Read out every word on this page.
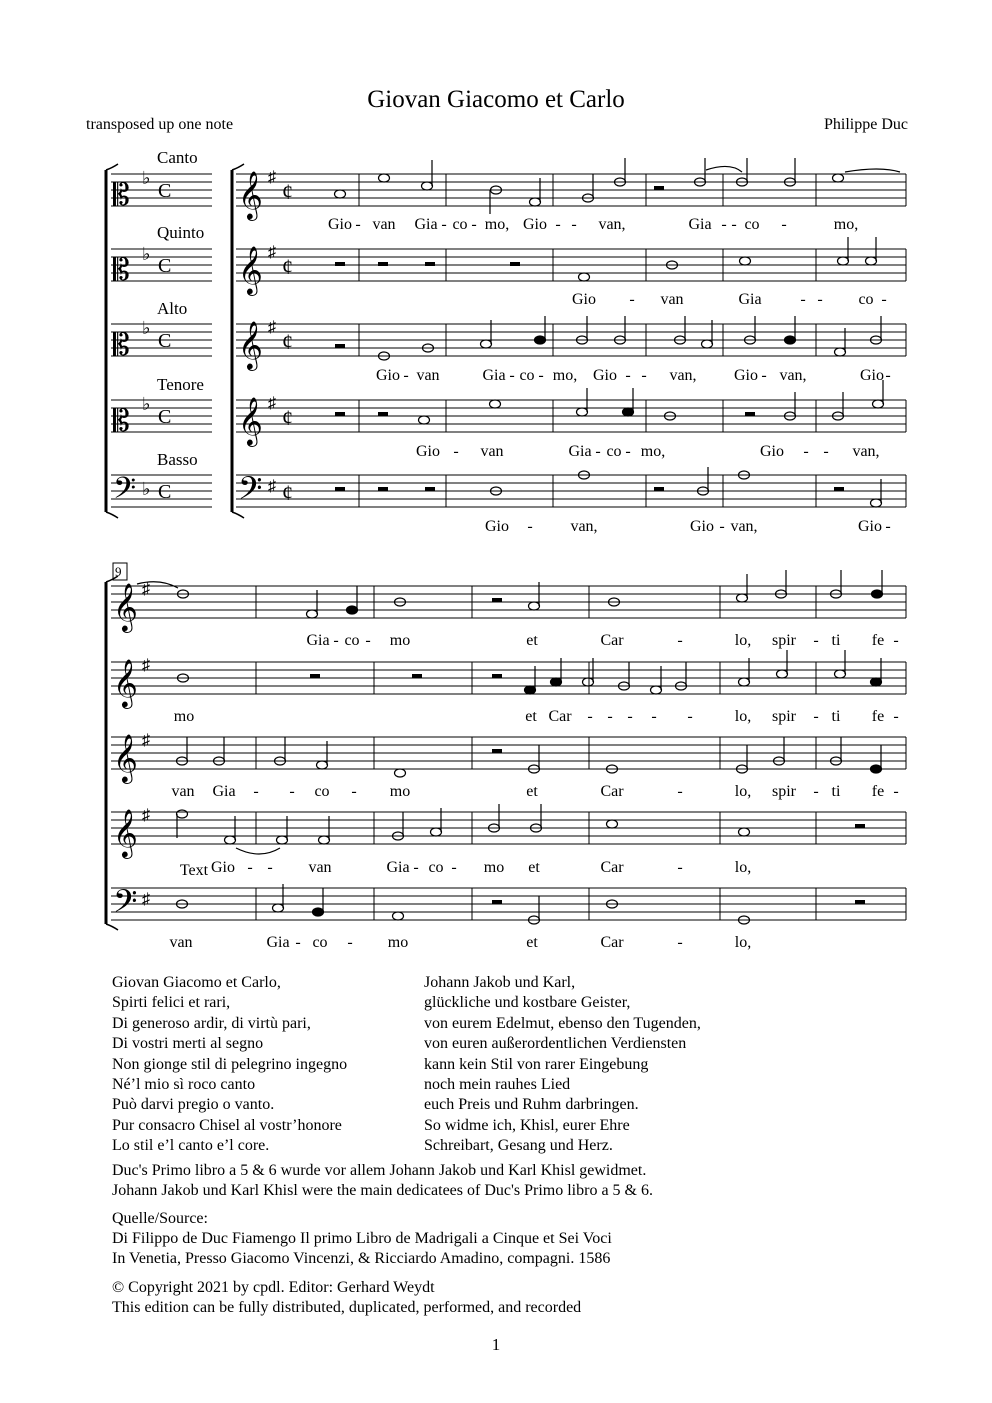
Giovan Giacomo et Carlo
transposed up one note	Philippe Duc
Canto
Quinto
Alto
Tenore
Basso
𝄡
𝄡
𝄡
𝄡
𝄢
♭
♭
♭
♭
♭
C
C
C
C
C
𝄞
𝄞
𝄞
𝄞
𝄢
♯
♯
♯
♯
♯
¢
¢
¢
¢
¢
Gio - van Gia - co - mo, Gio - - van,	Gia - - co -	mo,
Gio - van	Gia - - co -
Gio - van	Gia - co - mo, Gio - - van, Gio - van,	Gio -
Gio - van	Gia - co - mo,	Gio - - van,
Gio - van,	Gio - van,	Gio -
𝄞
𝄞
𝄞
𝄞
𝄢
♯
♯
♯
♯
♯
9
Gia - co - mo	et	Car	-	lo, spir - ti fe -
mo	et Car - - - - -	lo, spir - ti fe -
van Gia - - co - mo	et	Car	-	lo, spir - ti fe -
Text Gio - - van	Gia - co - mo et	Car	-	lo,
van	Gia - co - mo	et	Car	-	lo,
Giovan Giacomo et Carlo,
Spirti felici et rari,
Di generoso ardir, di virtù pari,
Di vostri merti al segno
Non gionge stil di pelegrino ingegno
Né’l mio sì roco canto
Può darvi pregio o vanto.
Pur consacro Chisel al vostr’honore
Lo stil e’l canto e’l core.
Johann Jakob und Karl,
glückliche und kostbare Geister,
von eurem Edelmut, ebenso den Tugenden,
von euren außerordentlichen Verdiensten
kann kein Stil von rarer Eingebung
noch mein rauhes Lied
euch Preis und Ruhm darbringen.
So widme ich, Khisl, eurer Ehre
Schreibart, Gesang und Herz.
Duc's Primo libro a 5 & 6 wurde vor allem Johann Jakob und Karl Khisl gewidmet.
Johann Jakob und Karl Khisl were the main dedicatees of Duc's Primo libro a 5 & 6.
Quelle/Source:
Di Filippo de Duc Fiamengo Il primo Libro de Madrigali a Cinque et Sei Voci
In Venetia, Presso Giacomo Vincenzi, & Ricciardo Amadino, compagni. 1586
© Copyright 2021 by cpdl. Editor: Gerhard Weydt
This edition can be fully distributed, duplicated, performed, and recorded
1
